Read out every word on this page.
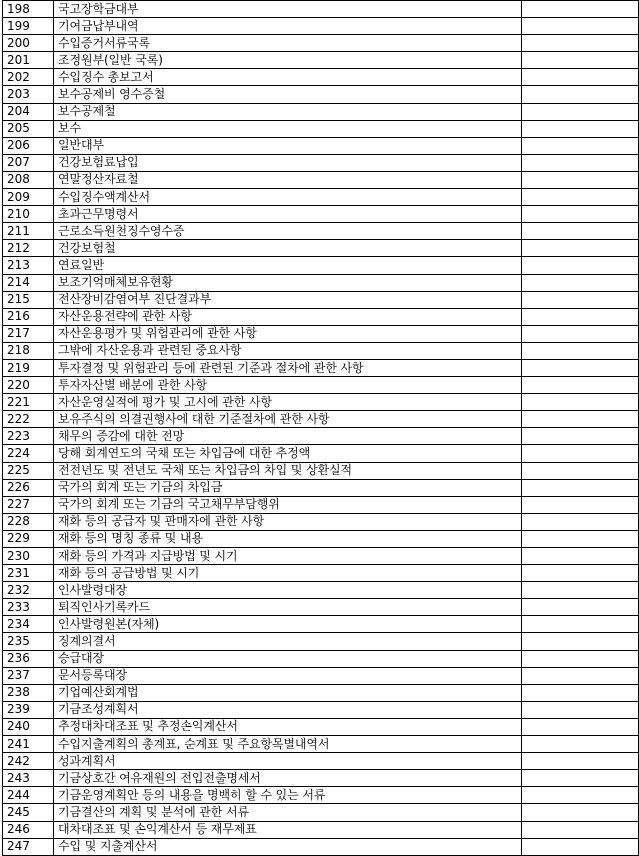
198	국고장학금대부	
199	기여금납부내역	
200	수입증거서류국록	
201	조정원부(일반 국록)	
202	수입징수 총보고서	
203	보수공제비 영수증철	
204	보수공제철	
205	보수	
206	일반대부	
207	건강보험료납입	
208	연말정산자료철	
209	수입징수액계산서	
210	초과근무명령서	
211	근로소득원천징수영수증	
212	건강보험철	
213	연료일반	
214	보조기억매체보유현황	
215	전산장비감염여부 진단결과부	
216	자산운용전략에 관한 사항	
217	자산운용평가 및 위험관리에 관한 사항	
218	그밖에 자산운용과 관련된 중요사항	
219	투자결정 및 위험관리 등에 관련된 기준과 절차에 관한 사항	
220	투자자산별 배분에 관한 사항	
221	자산운영실적에 평가 및 고시에 관한 사항	
222	보유주식의 의결권행사에 대한 기준절차에 관한 사항	
223	채무의 증감에 대한 전망	
224	당해 회계연도의 국채 또는 차입금에 대한 추정액	
225	전전년도 및 전년도 국채 또는 차입금의 차입 및 상환실적	
226	국가의 회계 또는 기금의 차입금	
227	국가의 회계 또는 기금의 국고채무부담행위	
228	재화 등의 공급자 및 판매자에 관한 사항	
229	재화 등의 명칭 종류 및 내용	
230	재화 등의 가격과 지급방법 및 시기	
231	재화 등의 공급방법 및 시기	
232	인사발령대장	
233	퇴직인사기록카드	
234	인사발령원본(자체)	
235	징계의결서	
236	승급대장	
237	문서등록대장	
238	기업예산회계법	
239	기금조성계획서	
240	추정대차대조표 및 추정손익계산서	
241	수입지출계획의 총계표, 순계표 및 주요항목별내역서	
242	성과계획서	
243	기금상호간 여유재원의 전입전출명세서	
244	기금운영계획안 등의 내용을 명백히 할 수 있는 서류	
245	기금결산의 계획 및 분석에 관한 서류	
246	대차대조표 및 손익계산서 등 재무제표	
247	수입 및 지출계산서	
